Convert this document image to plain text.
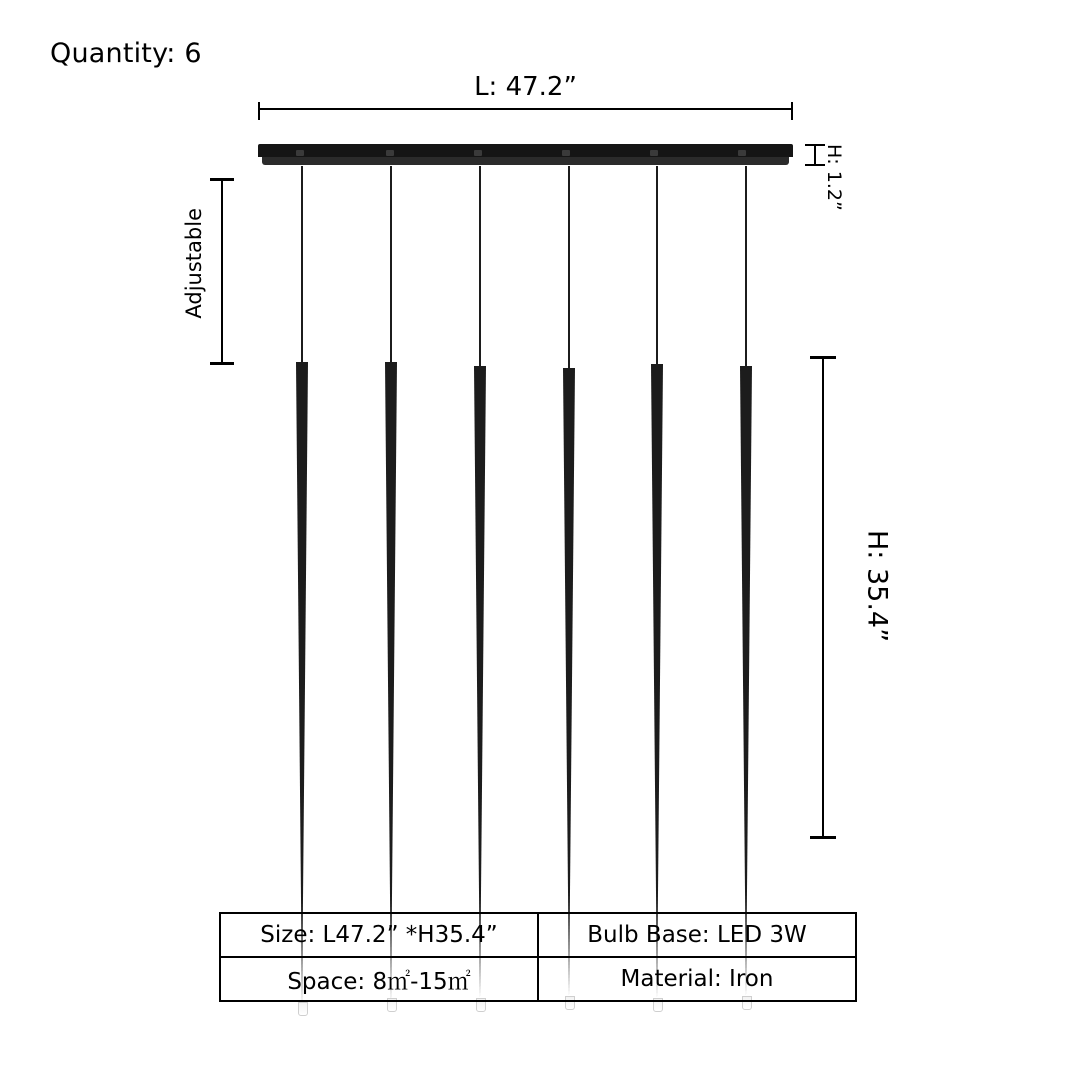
Quantity: 6
L: 47.2”
H: 1.2”
Adjustable
H: 35.4”
Size: L47.2” *H35.4”	Bulb Base: LED 3W
Space: 8㎡-15㎡	Material: Iron
